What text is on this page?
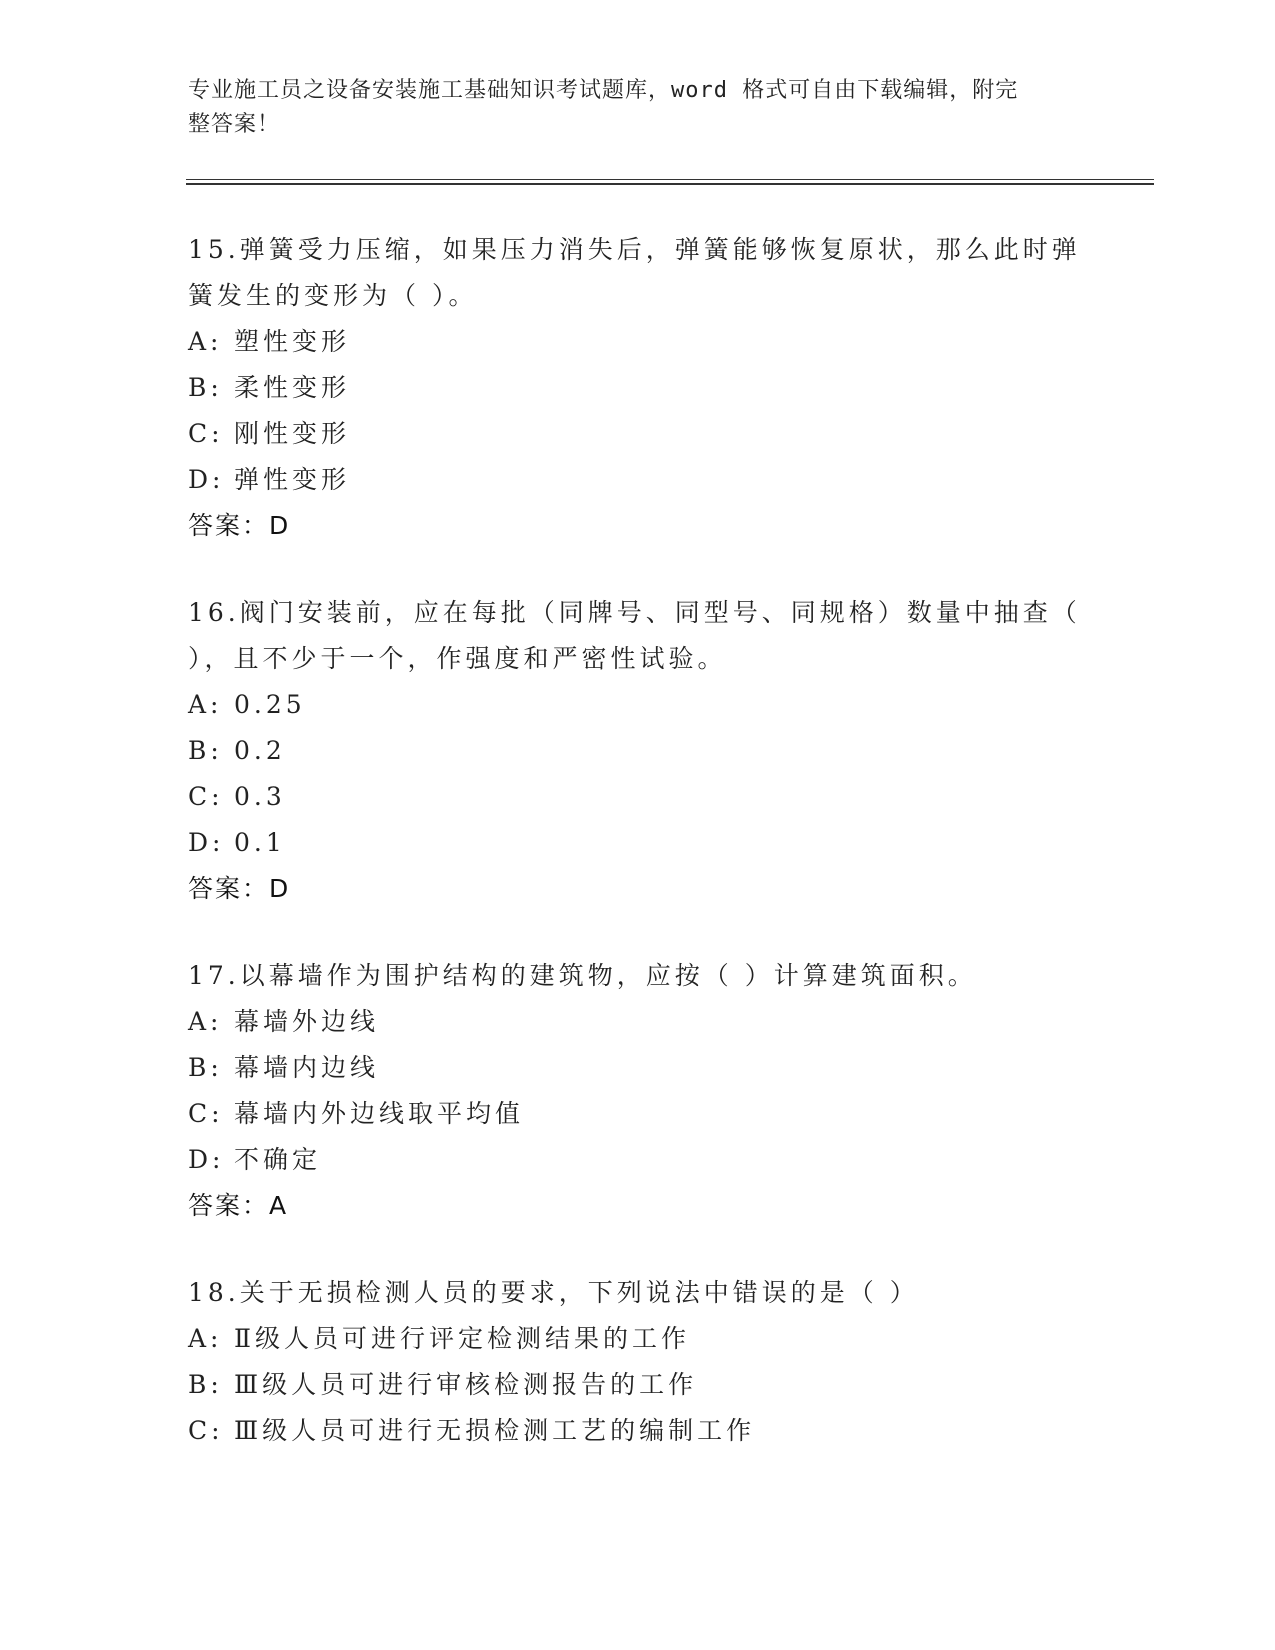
专业施工员之设备安装施工基础知识考试题库，word 格式可自由下载编辑，附完
整答案！

15.弹簧受力压缩，如果压力消失后，弹簧能够恢复原状，那么此时弹
簧发生的变形为（ ）。

A: 塑性变形

B: 柔性变形

C: 刚性变形

D: 弹性变形

答案：D

16.阀门安装前，应在每批（同牌号、同型号、同规格）数量中抽查（
），且不少于一个，作强度和严密性试验。

A: 0.25

B: 0.2

C: 0.3

D: 0.1

答案：D

17.以幕墙作为围护结构的建筑物，应按（ ）计算建筑面积。

A: 幕墙外边线

B: 幕墙内边线

C: 幕墙内外边线取平均值

D: 不确定

答案：A

18.关于无损检测人员的要求，下列说法中错误的是（ ）

A: Ⅱ级人员可进行评定检测结果的工作

B: Ⅲ级人员可进行审核检测报告的工作

C: Ⅲ级人员可进行无损检测工艺的编制工作
